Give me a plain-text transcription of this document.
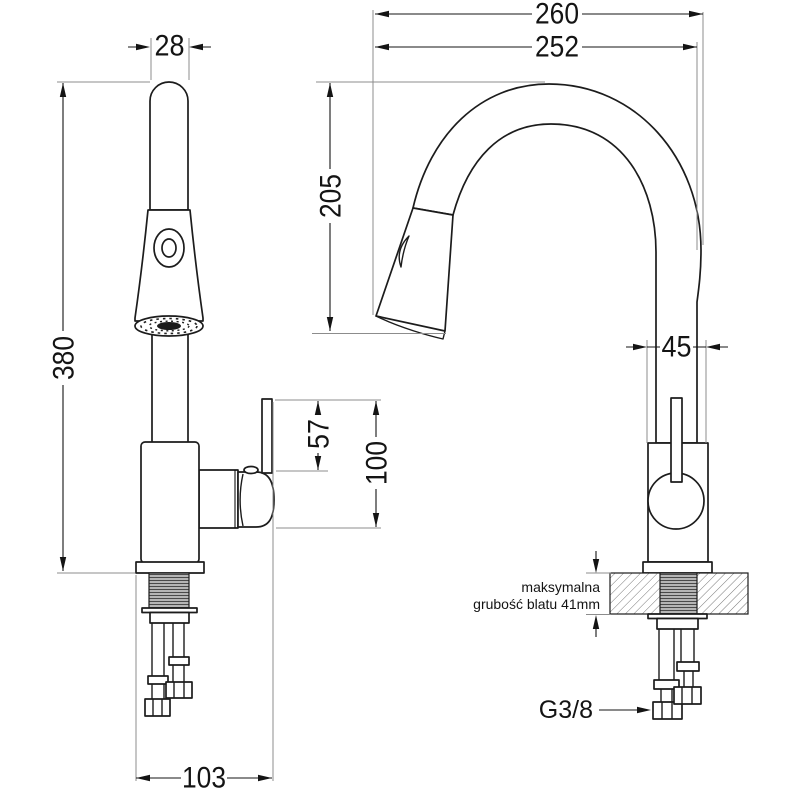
28
260
252
380
205
57
100
45
103
maksymalna
grubość blatu 41mm
G3/8
